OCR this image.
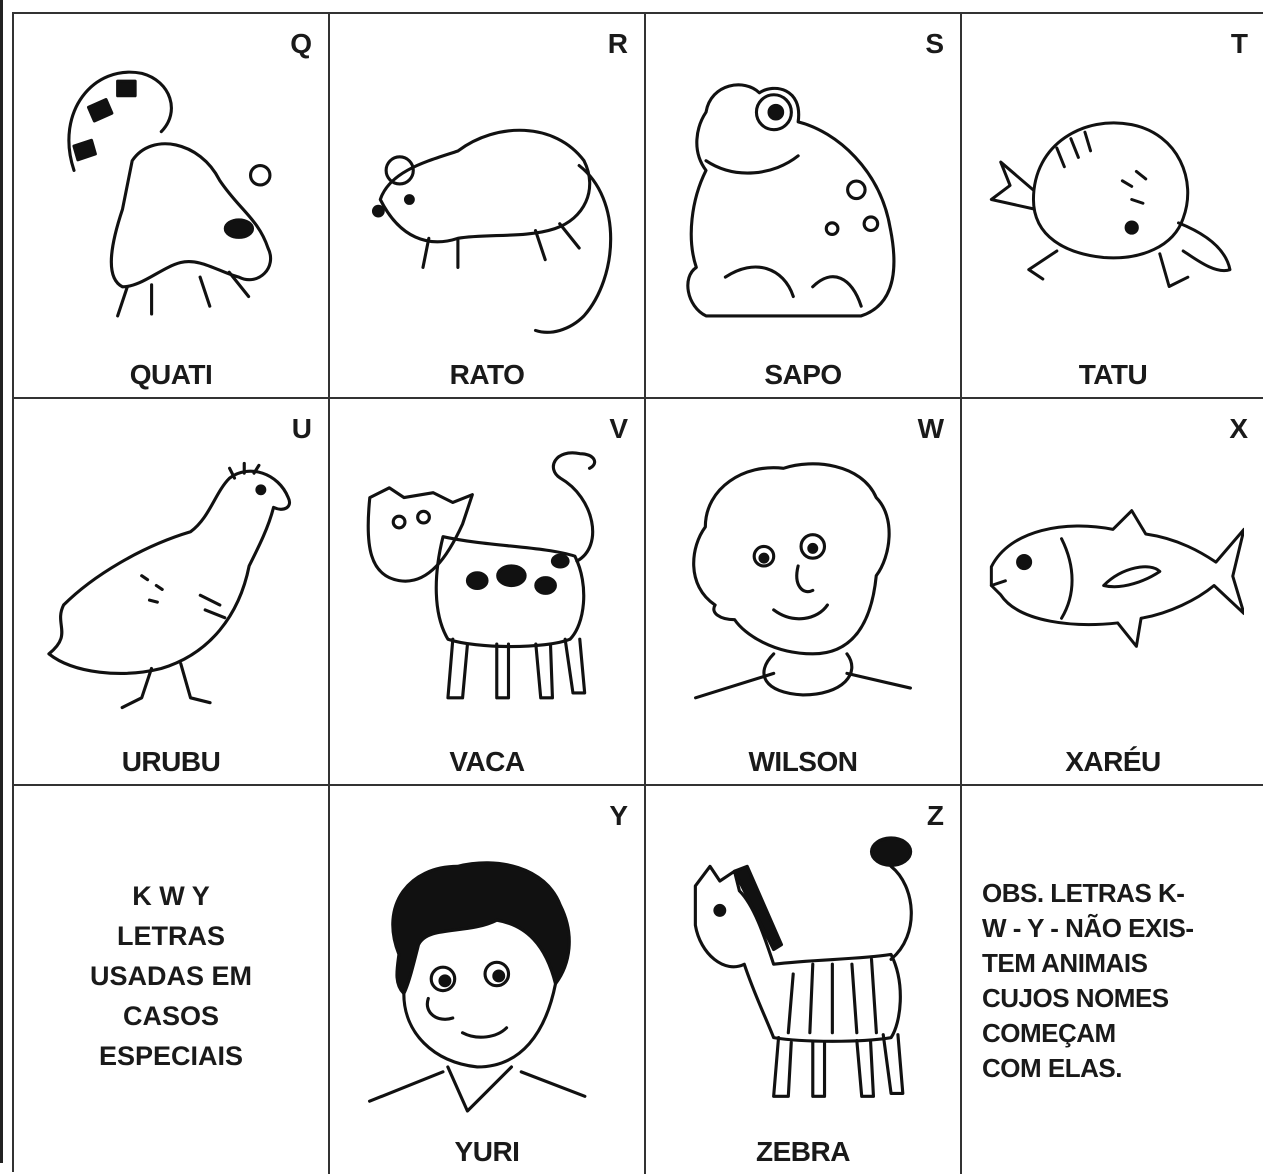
Q
QUATI
R
RATO
S
SAPO
T
TATU
U
URUBU
V
VACA
W
WILSON
X
XARÉU
K W Y
LETRAS
USADAS EM
CASOS
ESPECIAIS
Y
YURI
Z
ZEBRA
OBS. LETRAS K-
W - Y - NÃO EXIS-
TEM ANIMAIS
CUJOS NOMES
COMEÇAM
COM ELAS.
